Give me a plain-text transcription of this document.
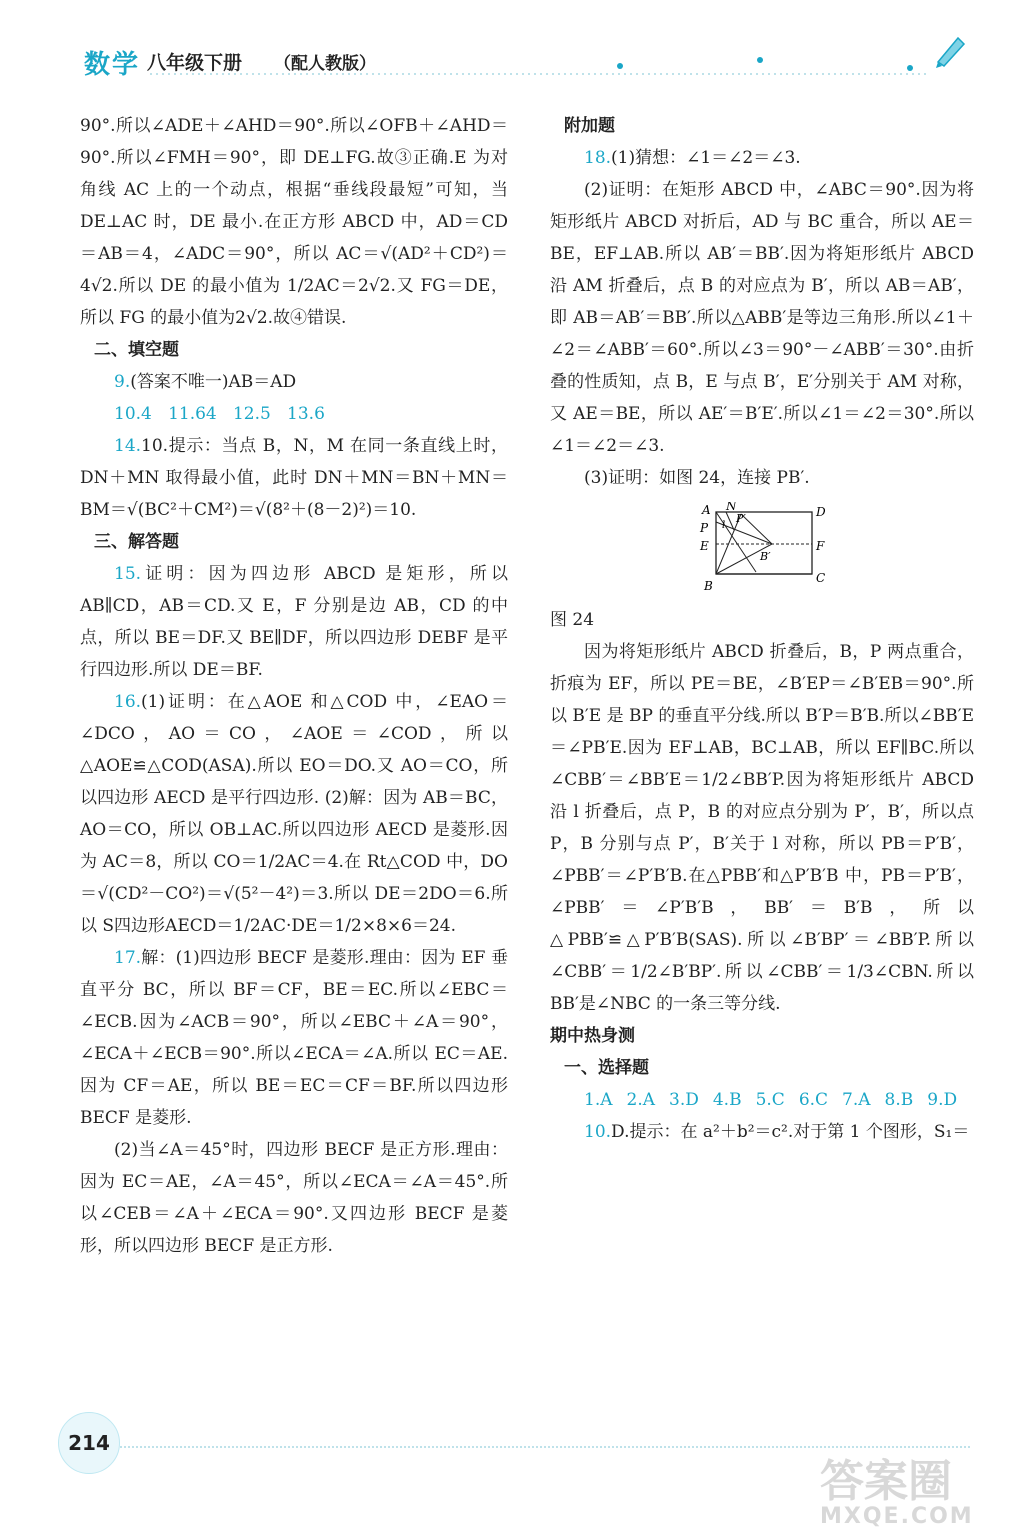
数学 八年级下册 （配人教版）

90°.所以∠ADE＋∠AHD＝90°.所以∠OFB＋∠AHD＝90°.所以∠FMH＝90°，即 DE⊥FG.故③正确.E 为对角线 AC 上的一个动点，根据“垂线段最短”可知，当 DE⊥AC 时，DE 最小.在正方形 ABCD 中，AD＝CD＝AB＝4，∠ADC＝90°，所以 AC＝√(AD²＋CD²)＝4√2.所以 DE 的最小值为 1/2AC＝2√2.又 FG＝DE，所以 FG 的最小值为2√2.故④错误.

二、填空题

9.(答案不唯一)AB＝AD

10.4 11.64 12.5 13.6

14.10.提示：当点 B，N，M 在同一条直线上时，DN＋MN 取得最小值，此时 DN＋MN＝BN＋MN＝BM＝√(BC²＋CM²)＝√(8²＋(8－2)²)＝10.

三、解答题

15.证明：因为四边形 ABCD 是矩形，所以 AB∥CD，AB＝CD.又 E，F 分别是边 AB，CD 的中点，所以 BE＝DF.又 BE∥DF，所以四边形 DEBF 是平行四边形.所以 DE＝BF.

16.(1)证明：在△AOE 和△COD 中，∠EAO＝∠DCO，AO＝CO，∠AOE＝∠COD，所以△AOE≌△COD(ASA).所以 EO＝DO.又 AO＝CO，所以四边形 AECD 是平行四边形. (2)解：因为 AB＝BC，AO＝CO，所以 OB⊥AC.所以四边形 AECD 是菱形.因为 AC＝8，所以 CO＝1/2AC＝4.在 Rt△COD 中，DO＝√(CD²－CO²)＝√(5²－4²)＝3.所以 DE＝2DO＝6.所以 S四边形AECD＝1/2AC·DE＝1/2×8×6＝24.

17.解：(1)四边形 BECF 是菱形.理由：因为 EF 垂直平分 BC，所以 BF＝CF，BE＝EC.所以∠EBC＝∠ECB.因为∠ACB＝90°，所以∠EBC＋∠A＝90°，∠ECA＋∠ECB＝90°.所以∠ECA＝∠A.所以 EC＝AE.因为 CF＝AE，所以 BE＝EC＝CF＝BF.所以四边形 BECF 是菱形.

(2)当∠A＝45°时，四边形 BECF 是正方形.理由：因为 EC＝AE，∠A＝45°，所以∠ECA＝∠A＝45°.所以∠CEB＝∠A＋∠ECA＝90°.又四边形 BECF 是菱形，所以四边形 BECF 是正方形.

附加题

18.(1)猜想：∠1＝∠2＝∠3.

(2)证明：在矩形 ABCD 中，∠ABC＝90°.因为将矩形纸片 ABCD 对折后，AD 与 BC 重合，所以 AE＝BE，EF⊥AB.所以 AB′＝BB′.因为将矩形纸片 ABCD 沿 AM 折叠后，点 B 的对应点为 B′，所以 AB＝AB′，即 AB＝AB′＝BB′.所以△ABB′是等边三角形.所以∠1＋∠2＝∠ABB′＝60°.所以∠3＝90°－∠ABB′＝30°.由折叠的性质知，点 B，E 与点 B′，E′分别关于 AM 对称，又 AE＝BE，所以 AE′＝B′E′.所以∠1＝∠2＝30°.所以∠1＝∠2＝∠3.

(3)证明：如图 24，连接 PB′.

A N	D
P l
P′
E	F
B′
B
C

图 24

因为将矩形纸片 ABCD 折叠后，B，P 两点重合，折痕为 EF，所以 PE＝BE，∠B′EP＝∠B′EB＝90°.所以 B′E 是 BP 的垂直平分线.所以 B′P＝B′B.所以∠BB′E＝∠PB′E.因为 EF⊥AB，BC⊥AB，所以 EF∥BC.所以∠CBB′＝∠BB′E＝1/2∠BB′P.因为将矩形纸片 ABCD 沿 l 折叠后，点 P，B 的对应点分别为 P′，B′，所以点 P，B 分别与点 P′，B′关于 l 对称，所以 PB＝P′B′，∠PBB′＝∠P′B′B.在△PBB′和△P′B′B 中，PB＝P′B′，∠PBB′＝∠P′B′B，BB′＝B′B，所以△PBB′≌△P′B′B(SAS).所以∠B′BP′＝∠BB′P.所以∠CBB′＝1/2∠B′BP′.所以∠CBB′＝1/3∠CBN.所以 BB′是∠NBC 的一条三等分线.

期中热身测

一、选择题

1.A 2.A 3.D 4.B 5.C 6.C 7.A 8.B 9.D

10.D.提示：在 a²＋b²＝c².对于第 1 个图形，S₁＝

214
答案圈
MXQE.COM
